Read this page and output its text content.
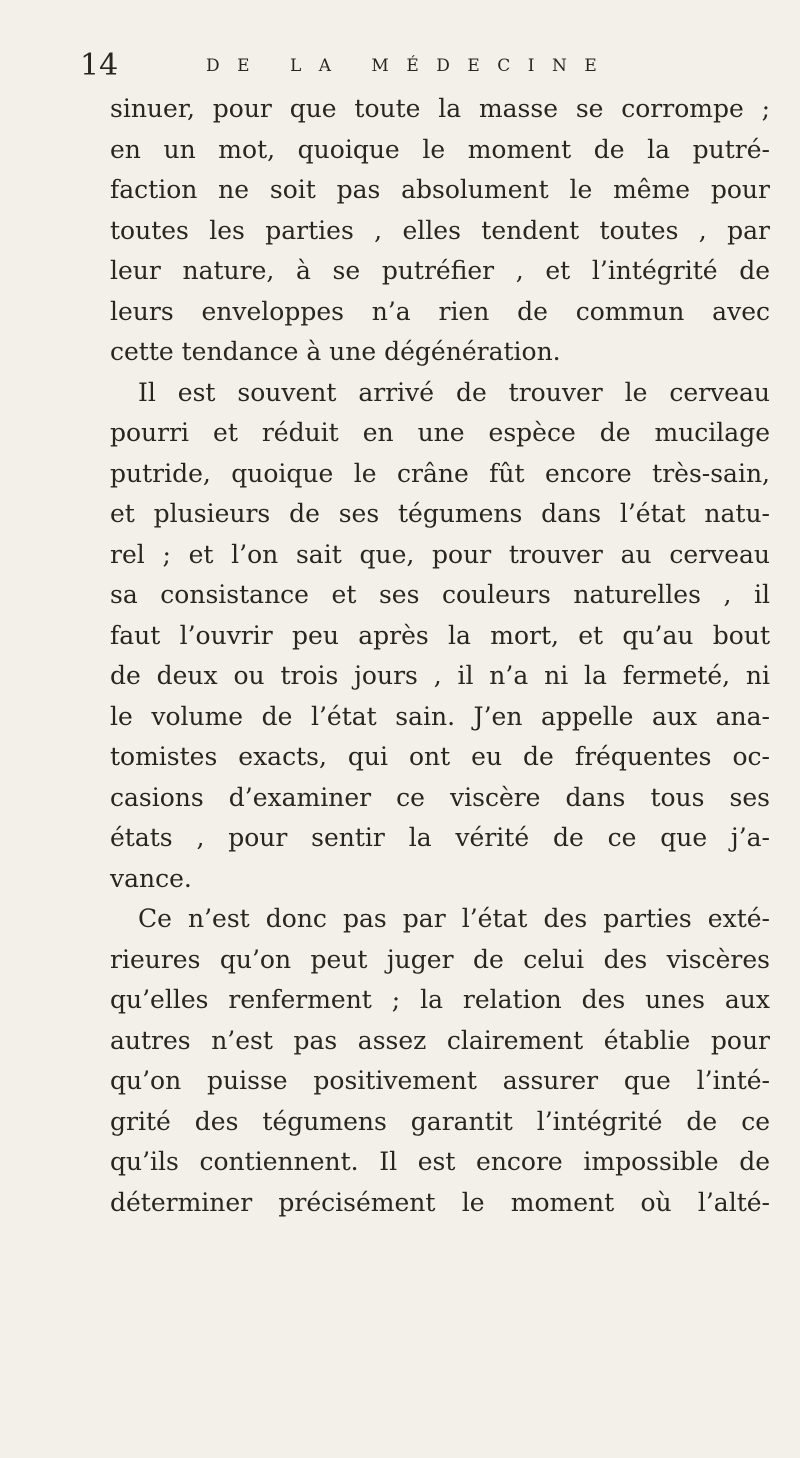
14	DE LA MÉDECINE
sinuer, pour que toute la masse se corrompe ;
en un mot, quoique le moment de la putré-
faction ne soit pas absolument le même pour
toutes les parties , elles tendent toutes , par
leur nature, à se putréfier , et l’intégrité de
leurs enveloppes n’a rien de commun avec
cette tendance à une dégénération.
Il est souvent arrivé de trouver le cerveau
pourri et réduit en une espèce de mucilage
putride, quoique le crâne fût encore très-sain,
et plusieurs de ses tégumens dans l’état natu-
rel ; et l’on sait que, pour trouver au cerveau
sa consistance et ses couleurs naturelles , il
faut l’ouvrir peu après la mort, et qu’au bout
de deux ou trois jours , il n’a ni la fermeté, ni
le volume de l’état sain. J’en appelle aux ana-
tomistes exacts, qui ont eu de fréquentes oc-
casions d’examiner ce viscère dans tous ses
états , pour sentir la vérité de ce que j’a-
vance.
Ce n’est donc pas par l’état des parties exté-
rieures qu’on peut juger de celui des viscères
qu’elles renferment ; la relation des unes aux
autres n’est pas assez clairement établie pour
qu’on puisse positivement assurer que l’inté-
grité des tégumens garantit l’intégrité de ce
qu’ils contiennent. Il est encore impossible de
déterminer précisément le moment où l’alté-
